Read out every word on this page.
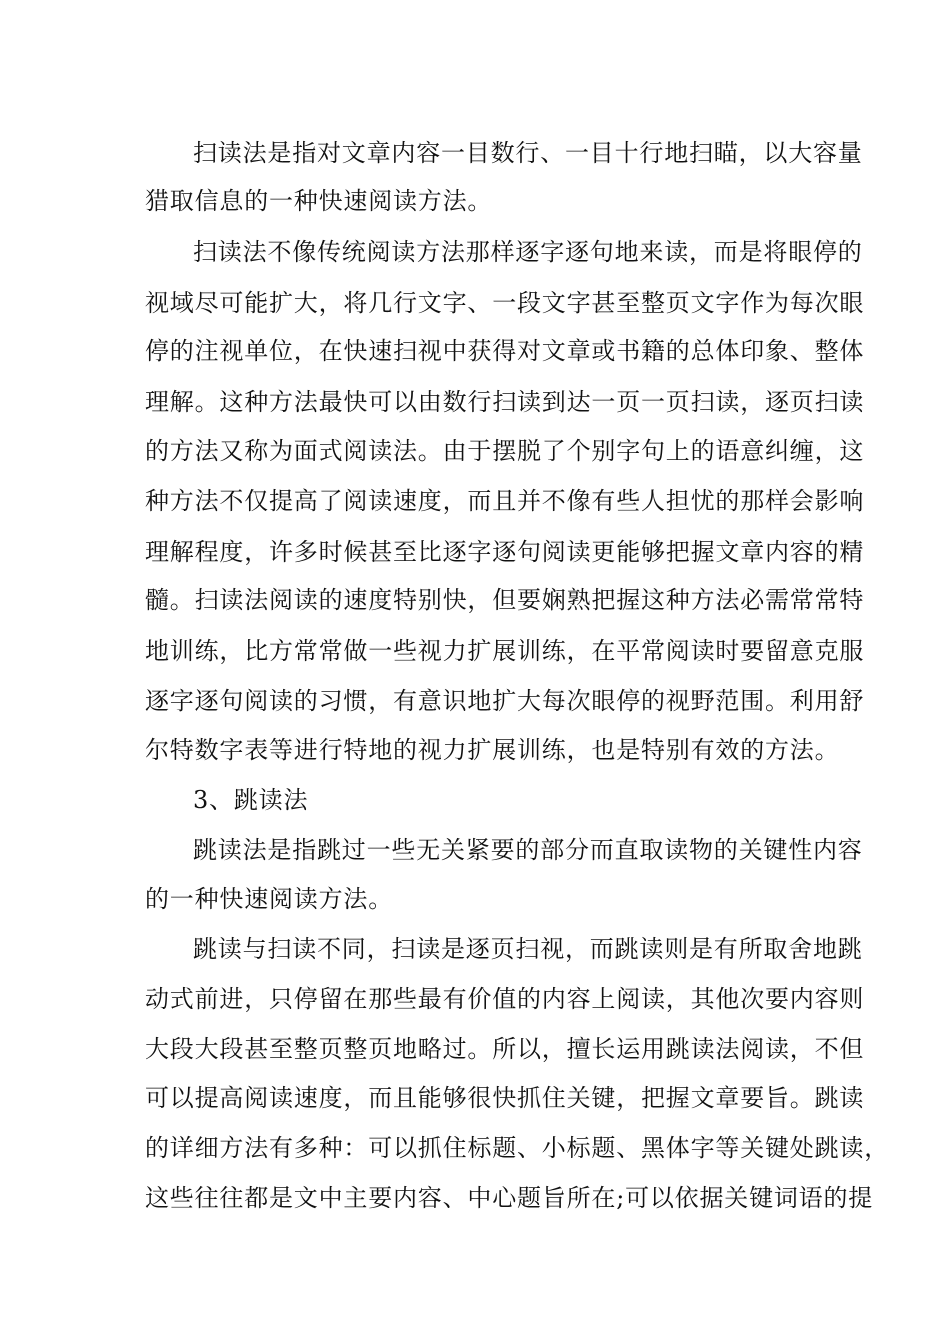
扫读法是指对文章内容一目数行、一目十行地扫瞄，以大容量

猎取信息的一种快速阅读方法。

扫读法不像传统阅读方法那样逐字逐句地来读，而是将眼停的

视域尽可能扩大，将几行文字、一段文字甚至整页文字作为每次眼

停的注视单位，在快速扫视中获得对文章或书籍的总体印象、整体

理解。这种方法最快可以由数行扫读到达一页一页扫读，逐页扫读

的方法又称为面式阅读法。由于摆脱了个别字句上的语意纠缠，这

种方法不仅提高了阅读速度，而且并不像有些人担忧的那样会影响

理解程度，许多时候甚至比逐字逐句阅读更能够把握文章内容的精

髓。扫读法阅读的速度特别快，但要娴熟把握这种方法必需常常特

地训练，比方常常做一些视力扩展训练，在平常阅读时要留意克服

逐字逐句阅读的习惯，有意识地扩大每次眼停的视野范围。利用舒

尔特数字表等进行特地的视力扩展训练，也是特别有效的方法。

3、跳读法

跳读法是指跳过一些无关紧要的部分而直取读物的关键性内容

的一种快速阅读方法。

跳读与扫读不同，扫读是逐页扫视，而跳读则是有所取舍地跳

动式前进，只停留在那些最有价值的内容上阅读，其他次要内容则

大段大段甚至整页整页地略过。所以，擅长运用跳读法阅读，不但

可以提高阅读速度，而且能够很快抓住关键，把握文章要旨。跳读

的详细方法有多种：可以抓住标题、小标题、黑体字等关键处跳读，

这些往往都是文中主要内容、中心题旨所在;可以依据关键词语的提
